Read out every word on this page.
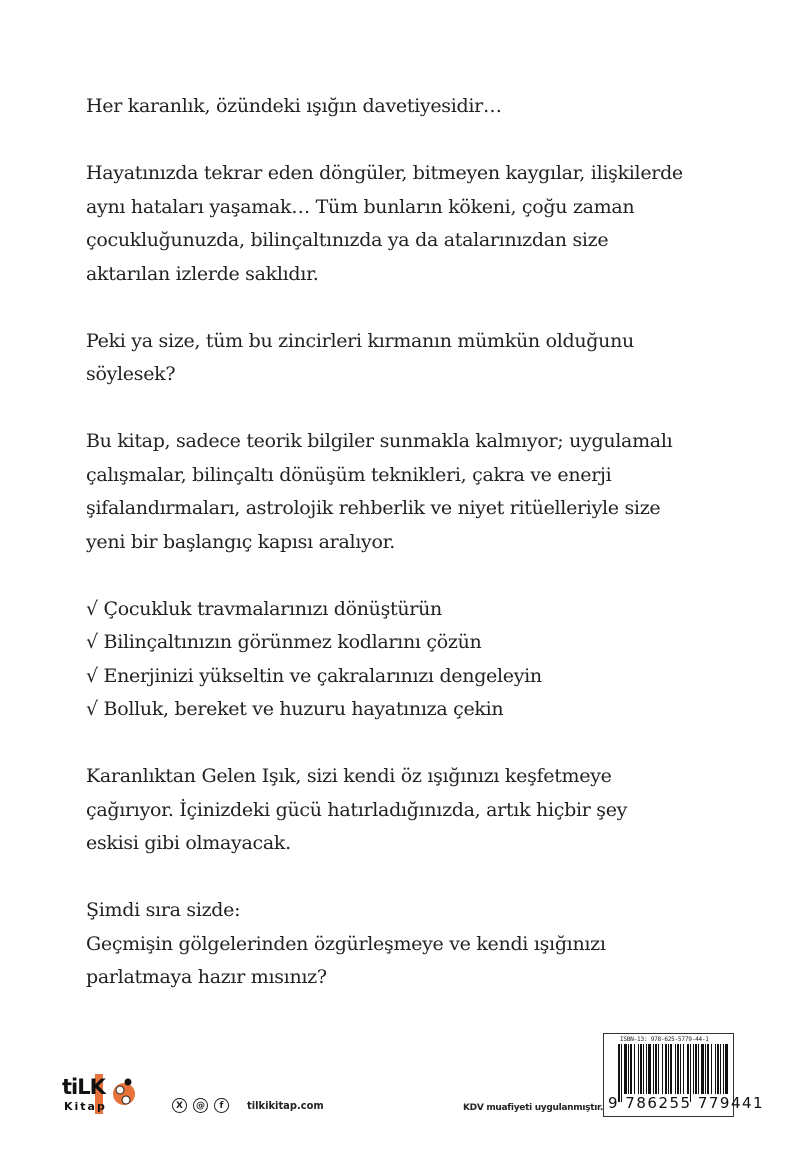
Her karanlık, özündeki ışığın davetiyesidir…
Hayatınızda tekrar eden döngüler, bitmeyen kaygılar, ilişkilerde
aynı hataları yaşamak… Tüm bunların kökeni, çoğu zaman
çocukluğunuzda, bilinçaltınızda ya da atalarınızdan size
aktarılan izlerde saklıdır.
Peki ya size, tüm bu zincirleri kırmanın mümkün olduğunu
söylesek?
Bu kitap, sadece teorik bilgiler sunmakla kalmıyor; uygulamalı
çalışmalar, bilinçaltı dönüşüm teknikleri, çakra ve enerji
şifalandırmaları, astrolojik rehberlik ve niyet ritüelleriyle size
yeni bir başlangıç kapısı aralıyor.
√ Çocukluk travmalarınızı dönüştürün
√ Bilinçaltınızın görünmez kodlarını çözün
√ Enerjinizi yükseltin ve çakralarınızı dengeleyin
√ Bolluk, bereket ve huzuru hayatınıza çekin
Karanlıktan Gelen Işık, sizi kendi öz ışığınızı keşfetmeye
çağırıyor. İçinizdeki gücü hatırladığınızda, artık hiçbir şey
eskisi gibi olmayacak.
Şimdi sıra sizde:
Geçmişin gölgelerinden özgürleşmeye ve kendi ışığınızı
parlatmaya hazır mısınız?
tiLK
Kitap	X	@	f	tilkikitap.com	KDV muafiyeti uygulanmıştır.
ISBN-13: 978-625-5779-44-1
9 786255 779441
